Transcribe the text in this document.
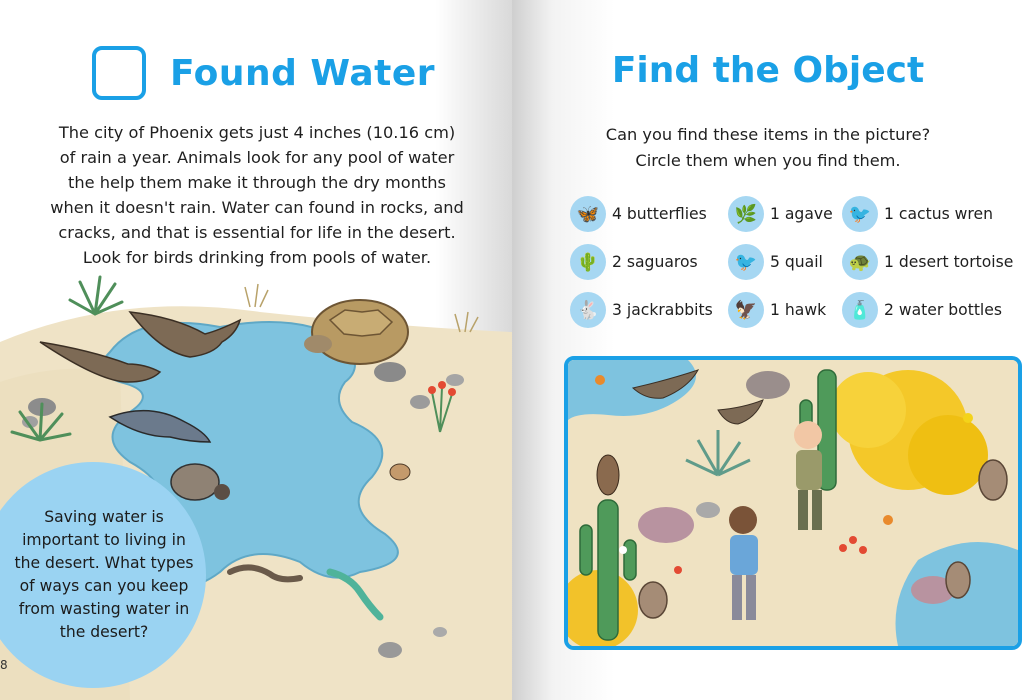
Found Water
The city of Phoenix gets just 4 inches (10.16 cm)
of rain a year. Animals look for any pool of water
the help them make it through the dry months
when it doesn't rain. Water can found in rocks, and
cracks, and that is essential for life in the desert.
Look for birds drinking from pools of water.
Saving water is
important to living in
the desert. What types
of ways can you keep
from wasting water in
the desert?
8
Find the Object
Can you find these items in the picture?
Circle them when you find them.
🦋 4 butterflies	🌿 1 agave 🐦 1 cactus wren
🌵 2 saguaros	🐦 5 quail	🐢 1 desert tortoise
🐇 3 jackrabbits	🦅 1 hawk	🧴 2 water bottles
